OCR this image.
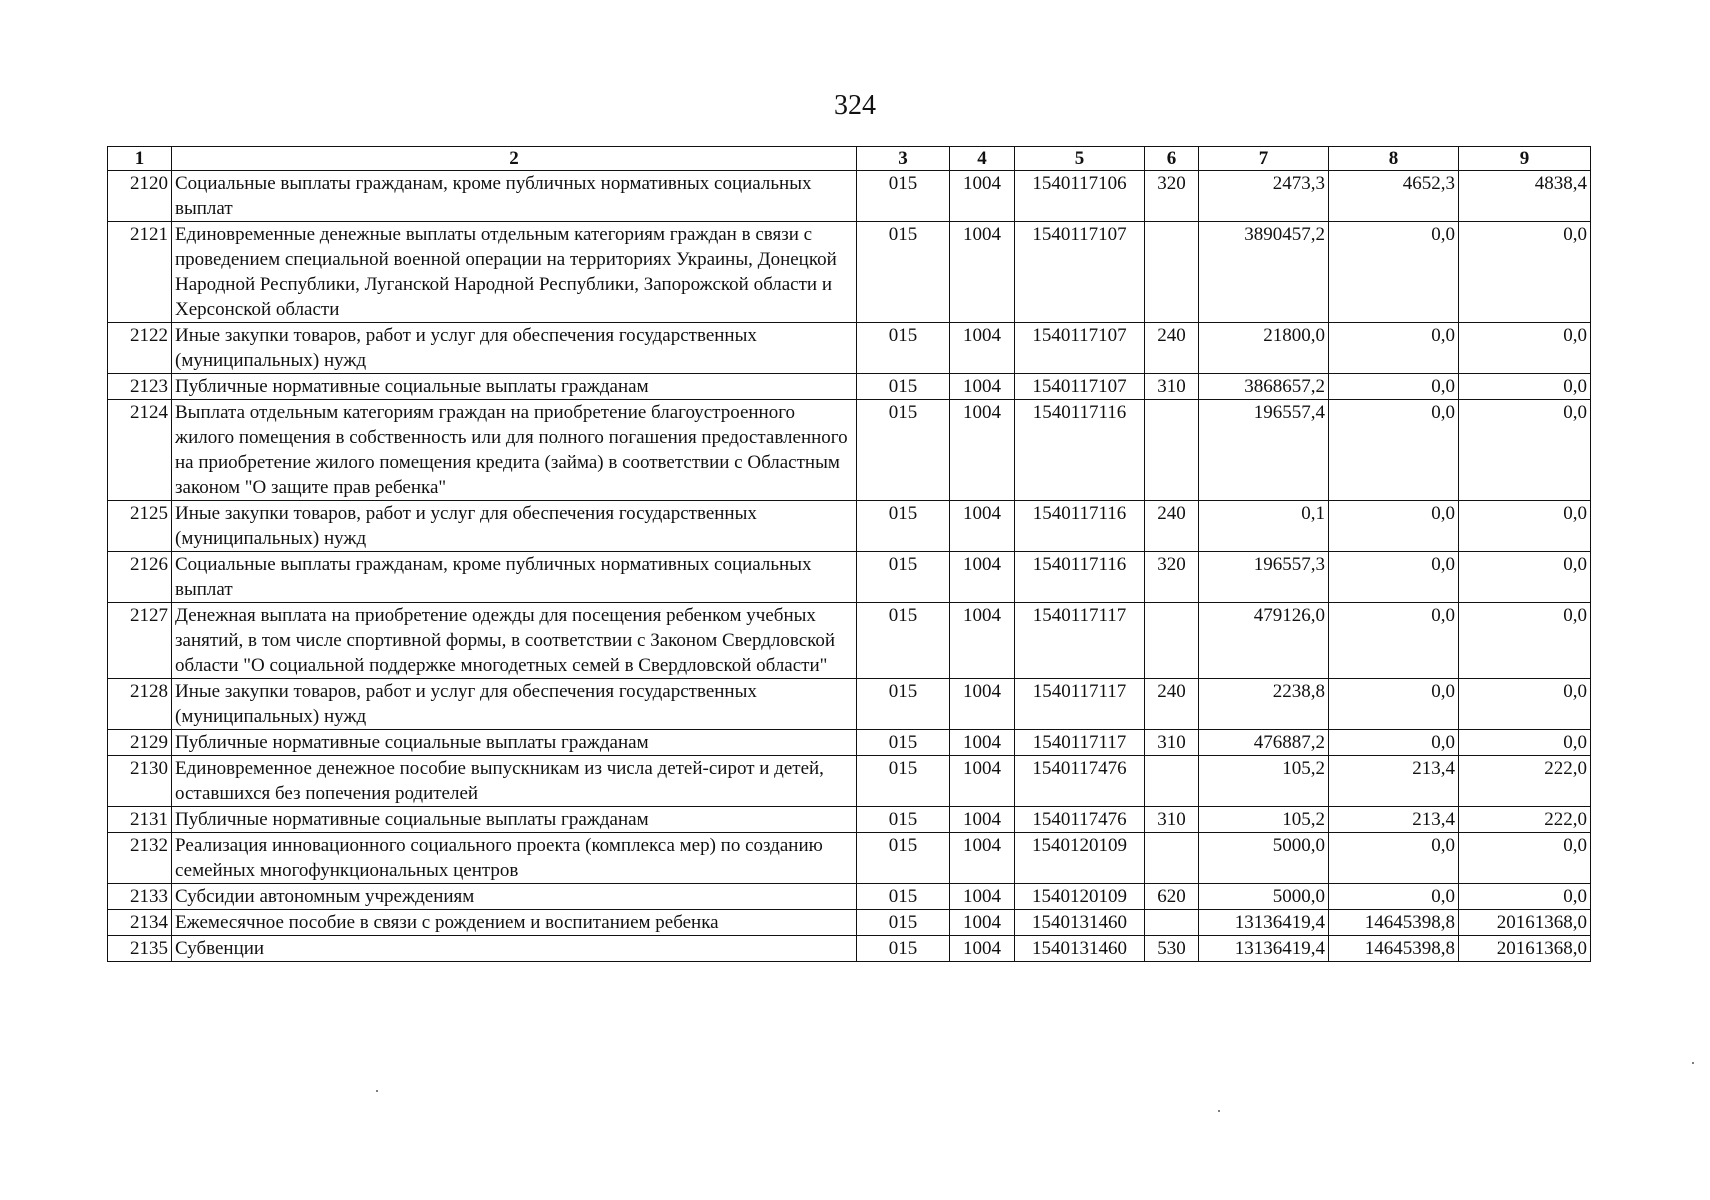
324
1	2	3	4	5	6	7	8	9
2120	Социальные выплаты гражданам, кроме публичных нормативных социальных выплат	015	1004	1540117106	320	2473,3	4652,3	4838,4
2121	Единовременные денежные выплаты отдельным категориям граждан в связи с проведением специальной военной операции на территориях Украины, Донецкой Народной Республики, Луганской Народной Республики, Запорожской области и Херсонской области	015	1004	1540117107		3890457,2	0,0	0,0
2122	Иные закупки товаров, работ и услуг для обеспечения государственных (муниципальных) нужд	015	1004	1540117107	240	21800,0	0,0	0,0
2123	Публичные нормативные социальные выплаты гражданам	015	1004	1540117107	310	3868657,2	0,0	0,0
2124	Выплата отдельным категориям граждан на приобретение благоустроенного жилого помещения в собственность или для полного погашения предоставленного на приобретение жилого помещения кредита (займа) в соответствии с Областным законом "О защите прав ребенка"	015	1004	1540117116		196557,4	0,0	0,0
2125	Иные закупки товаров, работ и услуг для обеспечения государственных (муниципальных) нужд	015	1004	1540117116	240	0,1	0,0	0,0
2126	Социальные выплаты гражданам, кроме публичных нормативных социальных выплат	015	1004	1540117116	320	196557,3	0,0	0,0
2127	Денежная выплата на приобретение одежды для посещения ребенком учебных занятий, в том числе спортивной формы, в соответствии с Законом Свердловской области "О социальной поддержке многодетных семей в Свердловской области"	015	1004	1540117117		479126,0	0,0	0,0
2128	Иные закупки товаров, работ и услуг для обеспечения государственных (муниципальных) нужд	015	1004	1540117117	240	2238,8	0,0	0,0
2129	Публичные нормативные социальные выплаты гражданам	015	1004	1540117117	310	476887,2	0,0	0,0
2130	Единовременное денежное пособие выпускникам из числа детей-сирот и детей, оставшихся без попечения родителей	015	1004	1540117476		105,2	213,4	222,0
2131	Публичные нормативные социальные выплаты гражданам	015	1004	1540117476	310	105,2	213,4	222,0
2132	Реализация инновационного социального проекта (комплекса мер) по созданию семейных многофункциональных центров	015	1004	1540120109		5000,0	0,0	0,0
2133	Субсидии автономным учреждениям	015	1004	1540120109	620	5000,0	0,0	0,0
2134	Ежемесячное пособие в связи с рождением и воспитанием ребенка	015	1004	1540131460		13136419,4	14645398,8	20161368,0
2135	Субвенции	015	1004	1540131460	530	13136419,4	14645398,8	20161368,0
